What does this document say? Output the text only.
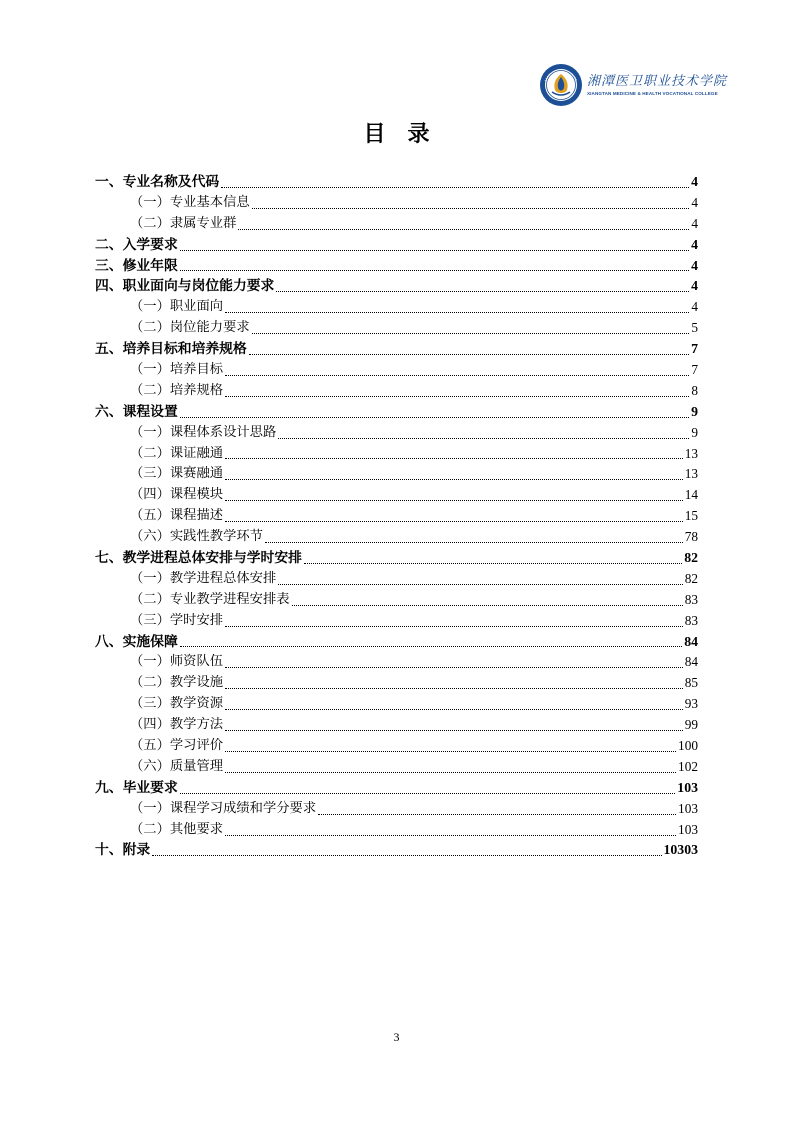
湘潭医卫职业技术学院
XIANGTAN MEDICINE & HEALTH VOCATIONAL COLLEGE
目录
一、专业名称及代码	4
（一）专业基本信息	4
（二）隶属专业群	4
二、入学要求	4
三、修业年限	4
四、职业面向与岗位能力要求	4
（一）职业面向	4
（二）岗位能力要求	5
五、培养目标和培养规格	7
（一）培养目标	7
（二）培养规格	8
六、课程设置	9
（一）课程体系设计思路	9
（二）课证融通	13
（三）课赛融通	13
（四）课程模块	14
（五）课程描述	15
（六）实践性教学环节	78
七、教学进程总体安排与学时安排	82
（一）教学进程总体安排	82
（二）专业教学进程安排表	83
（三）学时安排	83
八、实施保障	84
（一）师资队伍	84
（二）教学设施	85
（三）教学资源	93
（四）教学方法	99
（五）学习评价	100
（六）质量管理	102
九、毕业要求	103
（一）课程学习成绩和学分要求	103
（二）其他要求	103
十、附录	10303
3
